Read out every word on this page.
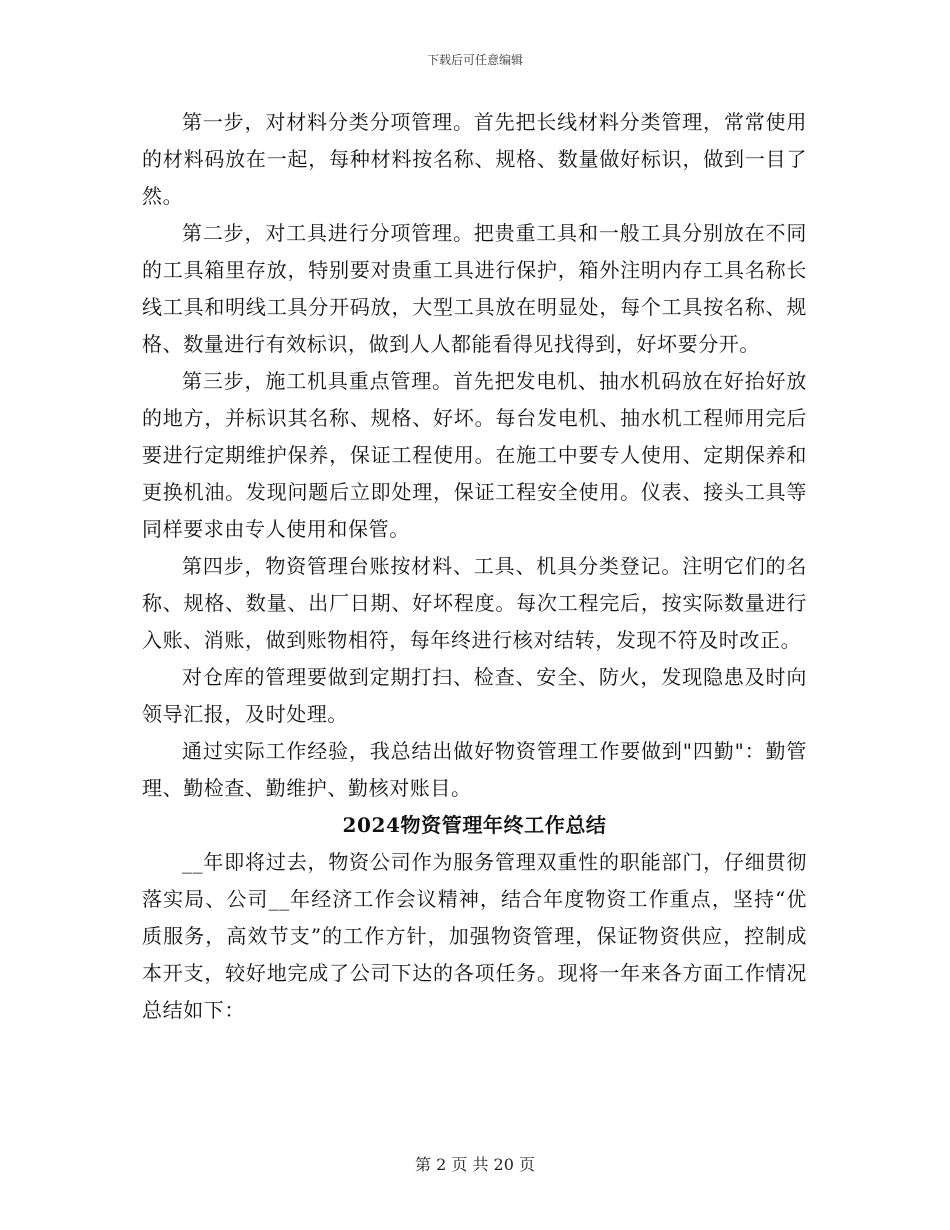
下载后可任意编辑

第一步，对材料分类分项管理。首先把长线材料分类管理，常常使用的材料码放在一起，每种材料按名称、规格、数量做好标识，做到一目了然。

第二步，对工具进行分项管理。把贵重工具和一般工具分别放在不同的工具箱里存放，特别要对贵重工具进行保护，箱外注明内存工具名称长线工具和明线工具分开码放，大型工具放在明显处，每个工具按名称、规格、数量进行有效标识，做到人人都能看得见找得到，好坏要分开。

第三步，施工机具重点管理。首先把发电机、抽水机码放在好抬好放的地方，并标识其名称、规格、好坏。每台发电机、抽水机工程师用完后要进行定期维护保养，保证工程使用。在施工中要专人使用、定期保养和更换机油。发现问题后立即处理，保证工程安全使用。仪表、接头工具等同样要求由专人使用和保管。

第四步，物资管理台账按材料、工具、机具分类登记。注明它们的名称、规格、数量、出厂日期、好坏程度。每次工程完后，按实际数量进行入账、消账，做到账物相符，每年终进行核对结转，发现不符及时改正。

对仓库的管理要做到定期打扫、检查、安全、防火，发现隐患及时向领导汇报，及时处理。

通过实际工作经验，我总结出做好物资管理工作要做到"四勤"：勤管理、勤检查、勤维护、勤核对账目。

2024物资管理年终工作总结

__年即将过去，物资公司作为服务管理双重性的职能部门，仔细贯彻落实局、公司__年经济工作会议精神，结合年度物资工作重点，坚持“优质服务，高效节支”的工作方针，加强物资管理，保证物资供应，控制成本开支，较好地完成了公司下达的各项任务。现将一年来各方面工作情况总结如下：

第 2 页 共 20 页
